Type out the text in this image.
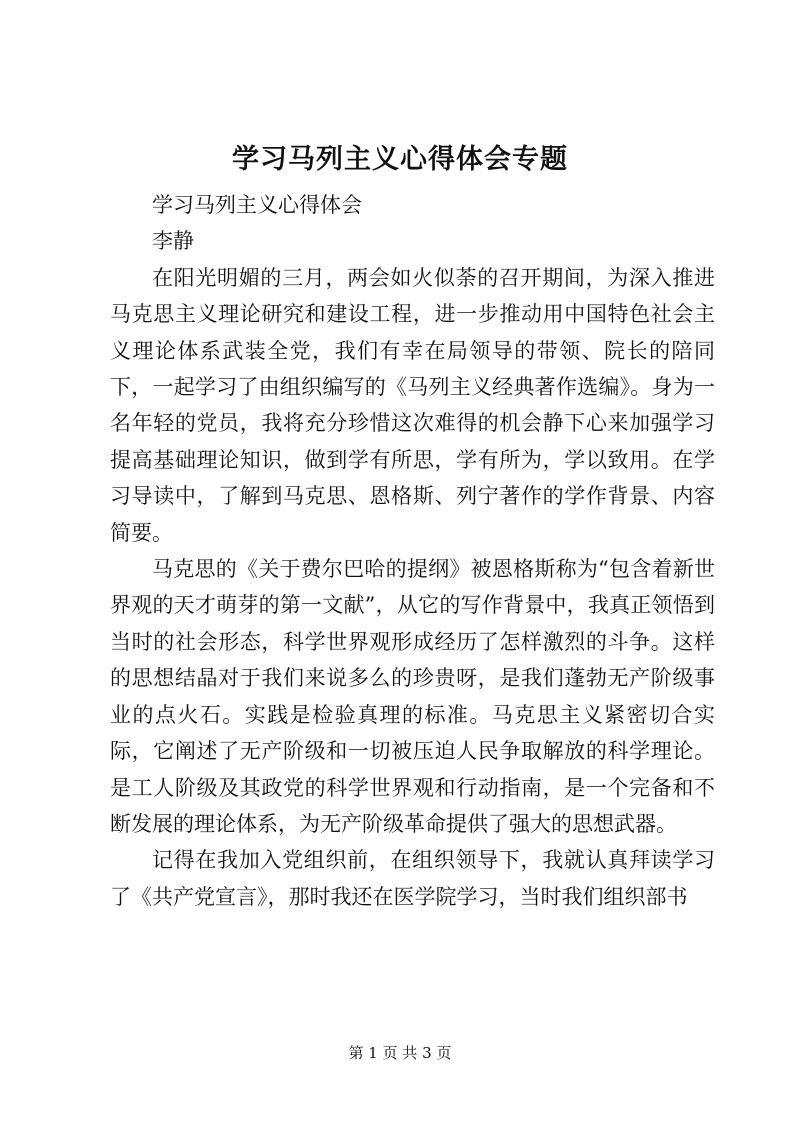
学习马列主义心得体会专题

学习马列主义心得体会

李静

在阳光明媚的三月，两会如火似荼的召开期间，为深入推进马克思主义理论研究和建设工程，进一步推动用中国特色社会主义理论体系武装全党，我们有幸在局领导的带领、院长的陪同下，一起学习了由组织编写的《马列主义经典著作选编》。身为一名年轻的党员，我将充分珍惜这次难得的机会静下心来加强学习提高基础理论知识，做到学有所思，学有所为，学以致用。在学习导读中，了解到马克思、恩格斯、列宁著作的学作背景、内容简要。

马克思的《关于费尔巴哈的提纲》被恩格斯称为“包含着新世界观的天才萌芽的第一文献”，从它的写作背景中，我真正领悟到当时的社会形态，科学世界观形成经历了怎样激烈的斗争。这样的思想结晶对于我们来说多么的珍贵呀，是我们蓬勃无产阶级事业的点火石。实践是检验真理的标准。马克思主义紧密切合实际，它阐述了无产阶级和一切被压迫人民争取解放的科学理论。是工人阶级及其政党的科学世界观和行动指南，是一个完备和不断发展的理论体系，为无产阶级革命提供了强大的思想武器。

记得在我加入党组织前，在组织领导下，我就认真拜读学习了《共产党宣言》，那时我还在医学院学习，当时我们组织部书

第 1 页 共 3 页
